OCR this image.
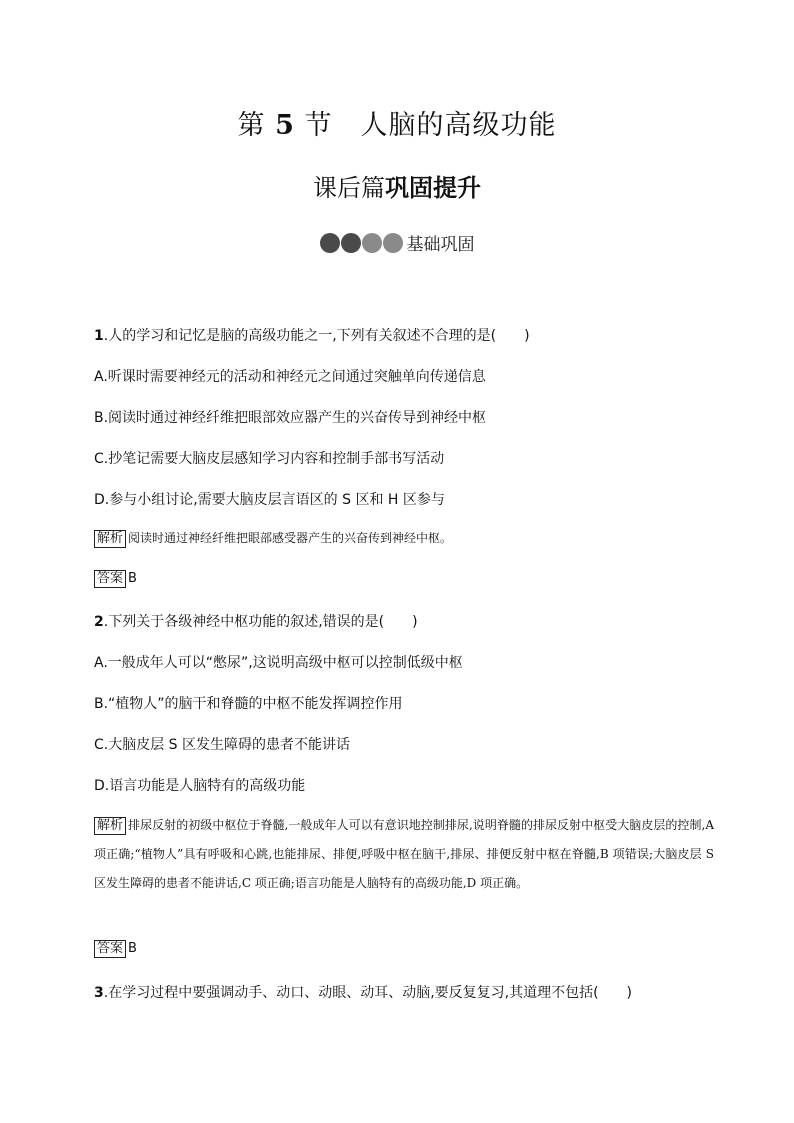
第 5 节　人脑的高级功能
课后篇巩固提升
基础巩固
1.人的学习和记忆是脑的高级功能之一,下列有关叙述不合理的是(　　)
A.听课时需要神经元的活动和神经元之间通过突触单向传递信息
B.阅读时通过神经纤维把眼部效应器产生的兴奋传导到神经中枢
C.抄笔记需要大脑皮层感知学习内容和控制手部书写活动
D.参与小组讨论,需要大脑皮层言语区的 S 区和 H 区参与
解析 阅读时通过神经纤维把眼部感受器产生的兴奋传到神经中枢。
答案 B
2.下列关于各级神经中枢功能的叙述,错误的是(　　)
A.一般成年人可以“憋尿”,这说明高级中枢可以控制低级中枢
B.“植物人”的脑干和脊髓的中枢不能发挥调控作用
C.大脑皮层 S 区发生障碍的患者不能讲话
D.语言功能是人脑特有的高级功能
解析 排尿反射的初级中枢位于脊髓,一般成年人可以有意识地控制排尿,说明脊髓的排尿反射中枢受大脑皮层的控制,A 项正确;“植物人”具有呼吸和心跳,也能排尿、排便,呼吸中枢在脑干,排尿、排便反射中枢在脊髓,B 项错误;大脑皮层 S 区发生障碍的患者不能讲话,C 项正确;语言功能是人脑特有的高级功能,D 项正确。
答案 B
3.在学习过程中要强调动手、动口、动眼、动耳、动脑,要反复复习,其道理不包括(　　)
